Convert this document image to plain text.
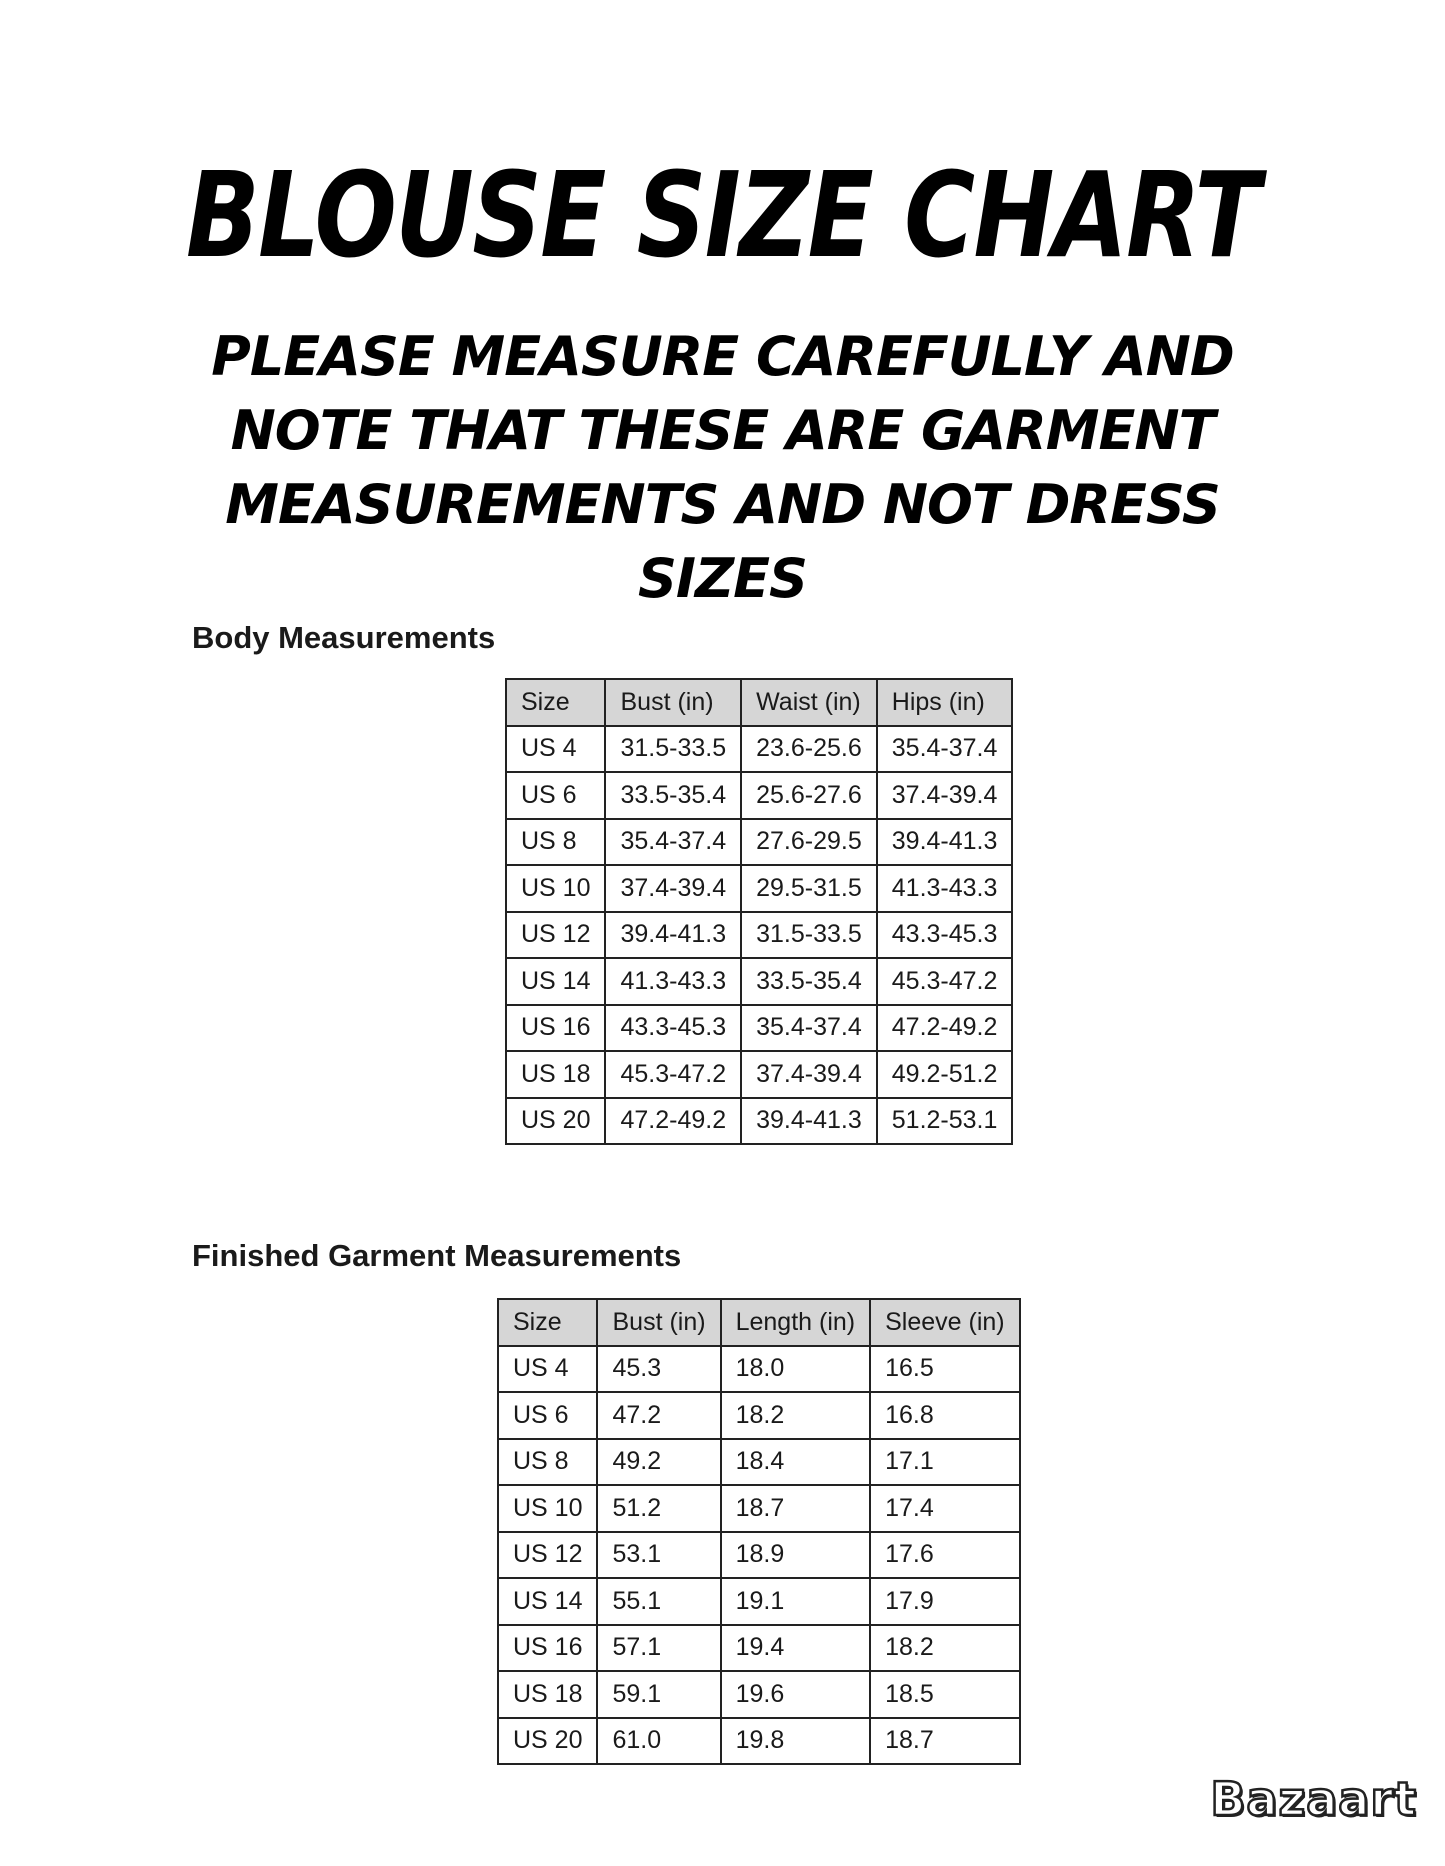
BLOUSE SIZE CHART

PLEASE MEASURE CAREFULLY AND NOTE THAT THESE ARE GARMENT MEASUREMENTS AND NOT DRESS SIZES

Body Measurements
Size	Bust (in)	Waist (in)	Hips (in)
US 4	31.5-33.5	23.6-25.6	35.4-37.4
US 6	33.5-35.4	25.6-27.6	37.4-39.4
US 8	35.4-37.4	27.6-29.5	39.4-41.3
US 10	37.4-39.4	29.5-31.5	41.3-43.3
US 12	39.4-41.3	31.5-33.5	43.3-45.3
US 14	41.3-43.3	33.5-35.4	45.3-47.2
US 16	43.3-45.3	35.4-37.4	47.2-49.2
US 18	45.3-47.2	37.4-39.4	49.2-51.2
US 20	47.2-49.2	39.4-41.3	51.2-53.1
Finished Garment Measurements
Size	Bust (in)	Length (in)	Sleeve (in)
US 4	45.3	18.0	16.5
US 6	47.2	18.2	16.8
US 8	49.2	18.4	17.1
US 10	51.2	18.7	17.4
US 12	53.1	18.9	17.6
US 14	55.1	19.1	17.9
US 16	57.1	19.4	18.2
US 18	59.1	19.6	18.5
US 20	61.0	19.8	18.7
Bazaart
